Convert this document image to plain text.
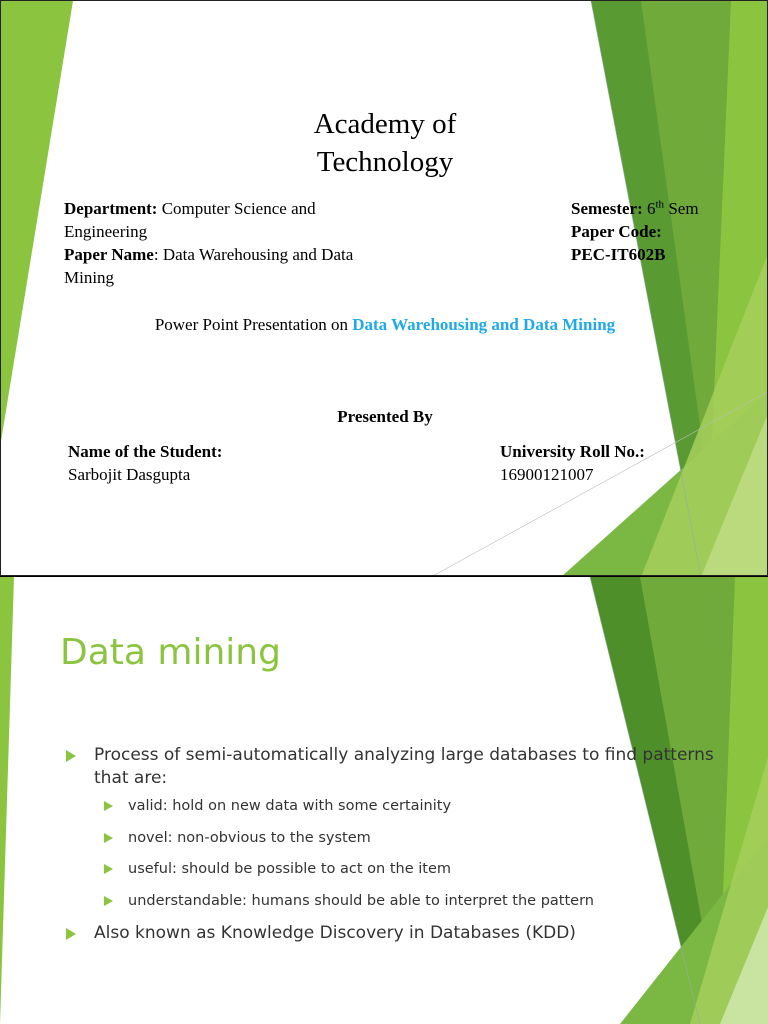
Academy of
Technology
Department: Computer Science and Engineering
Paper Name: Data Warehousing and Data Mining
Semester: 6th Sem
Paper Code:
PEC-IT602B
Power Point Presentation on Data Warehousing and Data Mining
Presented By
Name of the Student:
Sarbojit Dasgupta
University Roll No.:
16900121007
Data mining
Process of semi-automatically analyzing large databases to find patterns that are:
valid: hold on new data with some certainity
novel: non-obvious to the system
useful: should be possible to act on the item
understandable: humans should be able to interpret the pattern
Also known as Knowledge Discovery in Databases (KDD)
